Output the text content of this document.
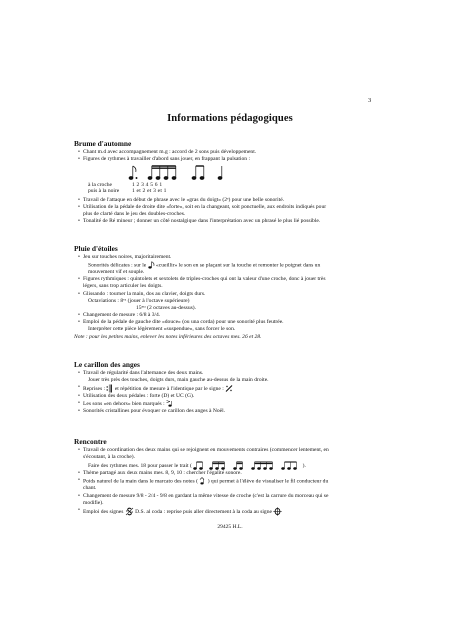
3
Informations pédagogiques
Brume d'automne
• Chant m.d avec accompagnement m.g : accord de 2 sons puis développement.
• Figures de rythmes à travailler d'abord sans jouer, en frappant la pulsation :
à la croche	1 2 3 4 5 6 1
puis à la noire	1 et 2 et 3 et 1
• Travail de l'attaque en début de phrase avec le «gras du doigt» (2ᵉ) pour une belle sonorité.
• Utilisation de la pédale de droite dite «forte», soit en la changeant, soit ponctuelle, aux endroits indiqués pour
plus de clarté dans le jeu des doubles-croches.
• Tonalité de Ré mineur ; donner un côté nostalgique dans l'interprétation avec un phrasé le plus lié possible.
Pluie d'étoiles
• Jeu sur touches noires, majoritairement.
Sonorités délicates : sur le «cueillir» le son en se plaçant sur la touche et remonter le poignet dans un
mouvement vif et souple.
• Figures rythmiques : quintolets et sextolets de triples-croches qui ont la valeur d'une croche, donc à jouer très
légers, sans trop articuler les doigts.
• Glissando : tourner la main, dos au clavier, doigts durs.
Octaviations : 8ᵛᵃ (jouer à l'octave supérieure)
15ᵐᵃ (2 octaves au-dessus).
• Changement de mesure : 6/8 à 3/4.
• Emploi de la pédale de gauche dite «douce» (ou una corda) pour une sonorité plus feutrée.
Interpréter cette pièce légèrement «suspendue», sans forcer le son.
Note : pour les petites mains, enlever les notes inférieures des octaves mes. 26 et 28.
Le carillon des anges
• Travail de régularité dans l'alternance des deux mains.
Jouer très près des touches, doigts durs, main gauche au-dessus de la main droite.
• Reprises : et répétition de mesure à l'identique par le signe :
• Utilisation des deux pédales : forte (D) et UC (G).
• Les sons «en dehors» bien marqués :
• Sonorités cristallines pour évoquer ce carillon des anges à Noël.
Rencontre
• Travail de coordination des deux mains qui se rejoignent en mouvements contraires (commencer lentement, en
s'écoutant, à la croche).
Faire des rythmes mes. 18 pour passer le trait (	).
• Thème partagé aux deux mains mes. 8, 9, 10 : chercher l'égalité sonore.
• Poids naturel de la main dans le marcato des notes ( ) qui permet à l'élève de visualiser le fil conducteur du
chant.
• Changement de mesure 9/8 - 2/4 - 9/8 en gardant la même vitesse de croche (c'est la carrure du morceau qui se
modifie).
• Emploi des signes D.S. al coda : reprise puis aller directement à la coda au signe
29425 H.L.
